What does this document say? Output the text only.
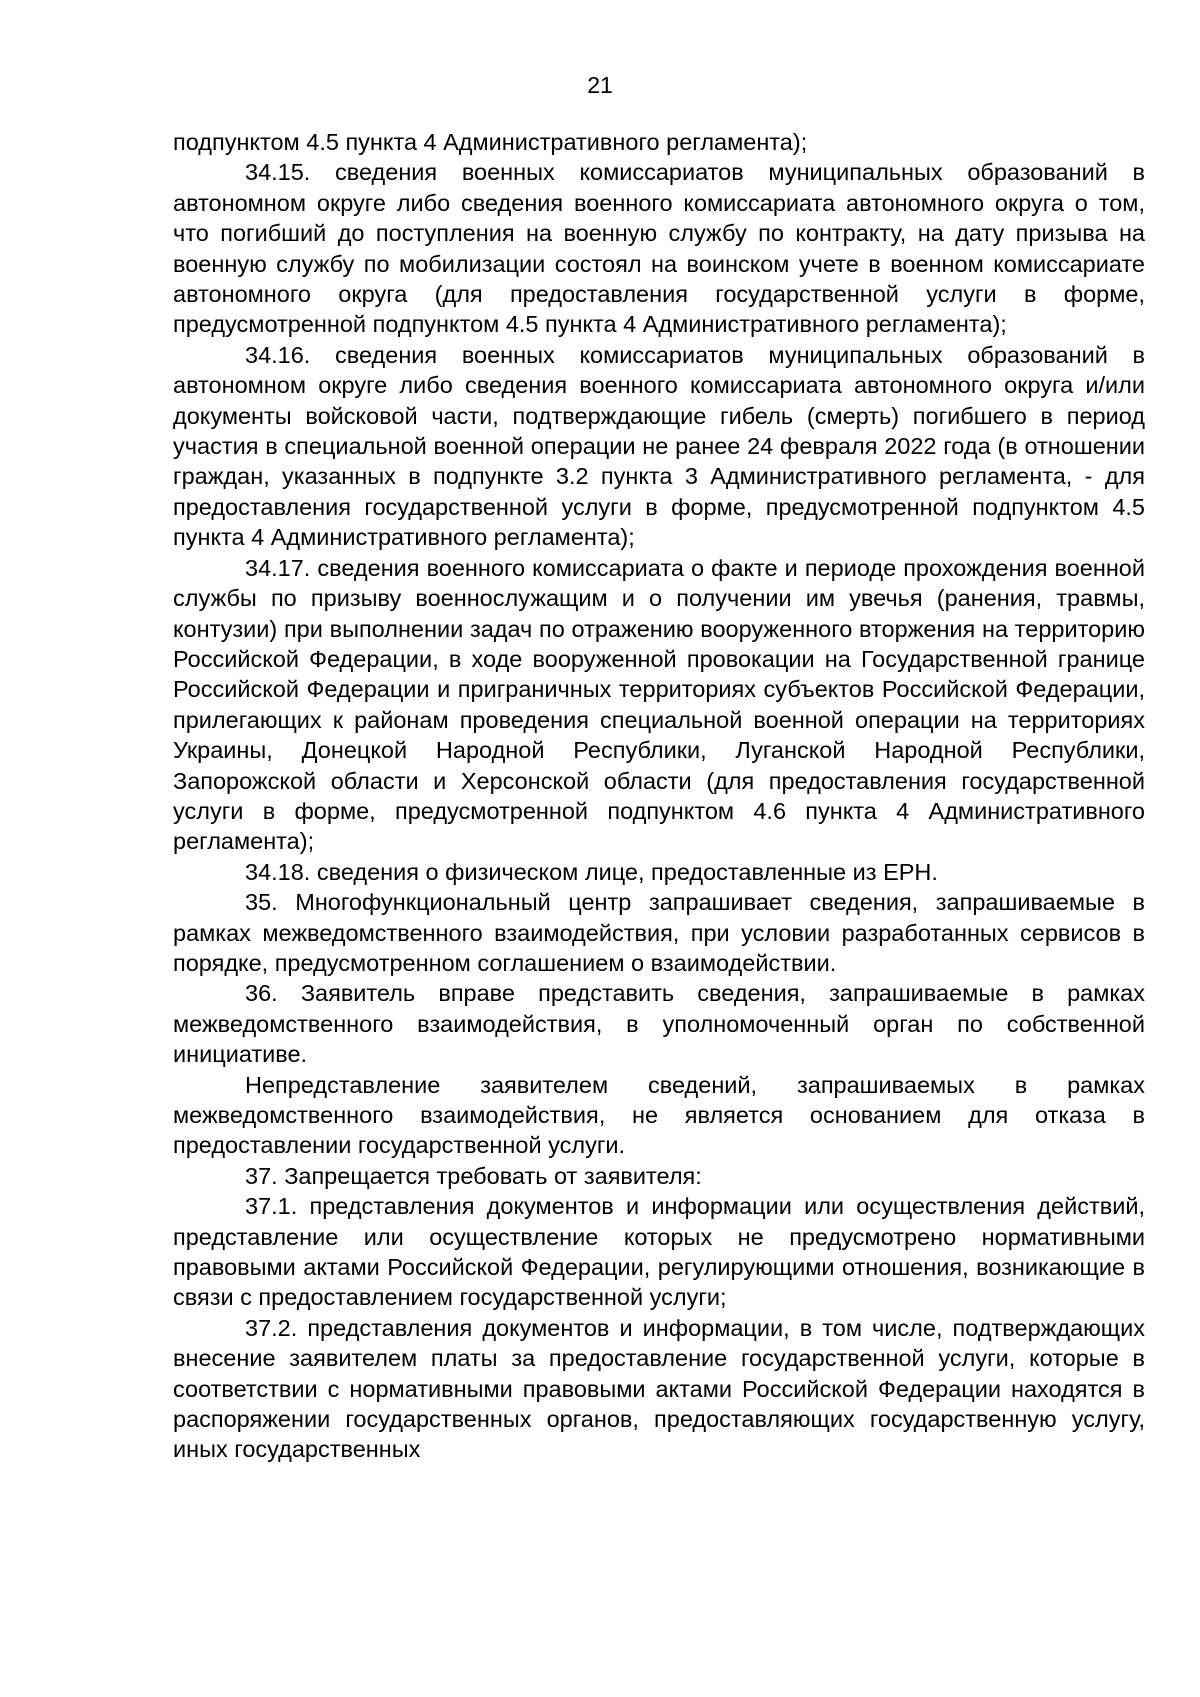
21

подпунктом 4.5 пункта 4 Административного регламента);

34.15. сведения военных комиссариатов муниципальных образований в автономном округе либо сведения военного комиссариата автономного округа о том, что погибший до поступления на военную службу по контракту, на дату призыва на военную службу по мобилизации состоял на воинском учете в военном комиссариате автономного округа (для предоставления государственной услуги в форме, предусмотренной подпунктом 4.5 пункта 4 Административного регламента);

34.16. сведения военных комиссариатов муниципальных образований в автономном округе либо сведения военного комиссариата автономного округа и/или документы войсковой части, подтверждающие гибель (смерть) погибшего в период участия в специальной военной операции не ранее 24 февраля 2022 года (в отношении граждан, указанных в подпункте 3.2 пункта 3 Административного регламента, - для предоставления государственной услуги в форме, предусмотренной подпунктом 4.5 пункта 4 Административного регламента);

34.17. сведения военного комиссариата о факте и периоде прохождения военной службы по призыву военнослужащим и о получении им увечья (ранения, травмы, контузии) при выполнении задач по отражению вооруженного вторжения на территорию Российской Федерации, в ходе вооруженной провокации на Государственной границе Российской Федерации и приграничных территориях субъектов Российской Федерации, прилегающих к районам проведения специальной военной операции на территориях Украины, Донецкой Народной Республики, Луганской Народной Республики, Запорожской области и Херсонской области (для предоставления государственной услуги в форме, предусмотренной подпунктом 4.6 пункта 4 Административного регламента);

34.18. сведения о физическом лице, предоставленные из ЕРН.

35. Многофункциональный центр запрашивает сведения, запрашиваемые в рамках межведомственного взаимодействия, при условии разработанных сервисов в порядке, предусмотренном соглашением о взаимодействии.

36. Заявитель вправе представить сведения, запрашиваемые в рамках межведомственного взаимодействия, в уполномоченный орган по собственной инициативе.

Непредставление заявителем сведений, запрашиваемых в рамках межведомственного взаимодействия, не является основанием для отказа в предоставлении государственной услуги.

37. Запрещается требовать от заявителя:

37.1. представления документов и информации или осуществления действий, представление или осуществление которых не предусмотрено нормативными правовыми актами Российской Федерации, регулирующими отношения, возникающие в связи с предоставлением государственной услуги;

37.2. представления документов и информации, в том числе, подтверждающих внесение заявителем платы за предоставление государственной услуги, которые в соответствии с нормативными правовыми актами Российской Федерации находятся в распоряжении государственных органов, предоставляющих государственную услугу, иных государственных
